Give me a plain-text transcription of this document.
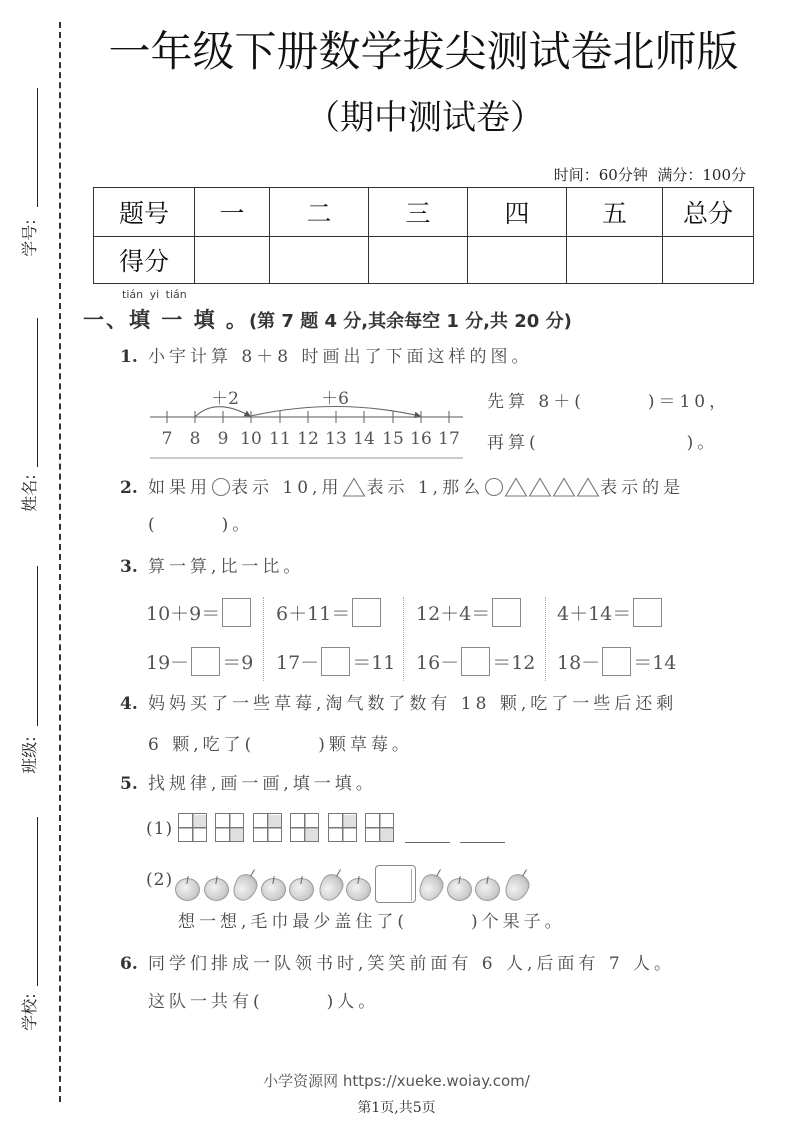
学号:
姓名:
班级:
学校:
一年级下册数学拔尖测试卷北师版
（期中测试卷）
时间：60分钟  满分：100分
题号	一	二	三	四	五	总分
得分						
tián yi tián
一、填 一 填 。(第 7 题 4 分,其余每空 1 分,共 20 分)
1. 小宇计算 8＋8 时画出了下面这样的图。
7 8 9 10 11 12 13 14 15 16 17
＋2	＋6	先算 8＋(　　　)＝10，
再算(　　　　　　　)。
2. 如果用 表示 10,用 表示 1,那么	表示的是
(　　　)。
3. 算一算,比一比。
10＋9＝	6＋11＝	12＋4＝	4＋14＝
19－ ＝9 17－ ＝11 16－ ＝12 18－ ＝14
4. 妈妈买了一些草莓,淘气数了数有 18 颗,吃了一些后还剩
6 颗,吃了(　　　)颗草莓。
5. 找规律,画一画,填一填。
(1)
(2)
想一想,毛巾最少盖住了(　　　)个果子。
6. 同学们排成一队领书时,笑笑前面有 6 人,后面有 7 人。
这队一共有(　　　)人。
小学资源网 https://xueke.woiay.com/
第1页,共5页
